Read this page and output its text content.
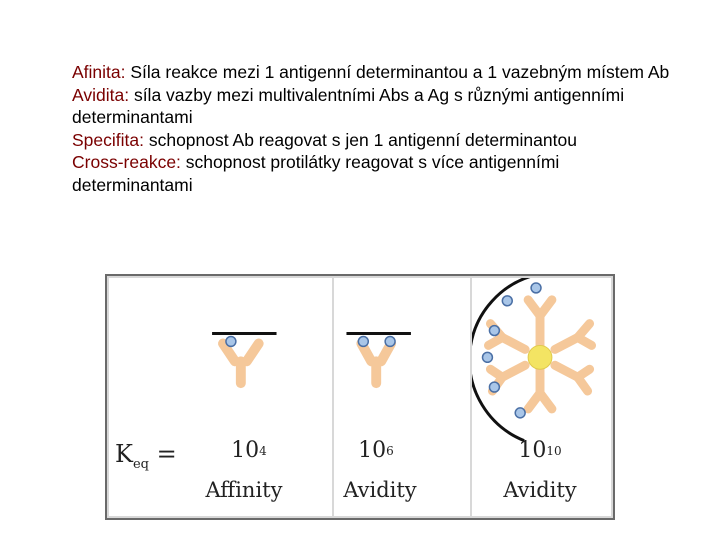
Afinita: Síla reakce mezi 1 antigenní determinantou a 1 vazebným místem Ab

Avidita: síla vazby mezi multivalentními Abs a Ag s různými antigenními determinantami

Specifita: schopnost Ab reagovat s jen 1 antigenní determinantou

Cross-reakce: schopnost protilátky reagovat s více antigenními determinantami

$K_{eq}$ =	$10^4$
Affinity
$10^6$
Avidity
$10^{10}$
Avidity
